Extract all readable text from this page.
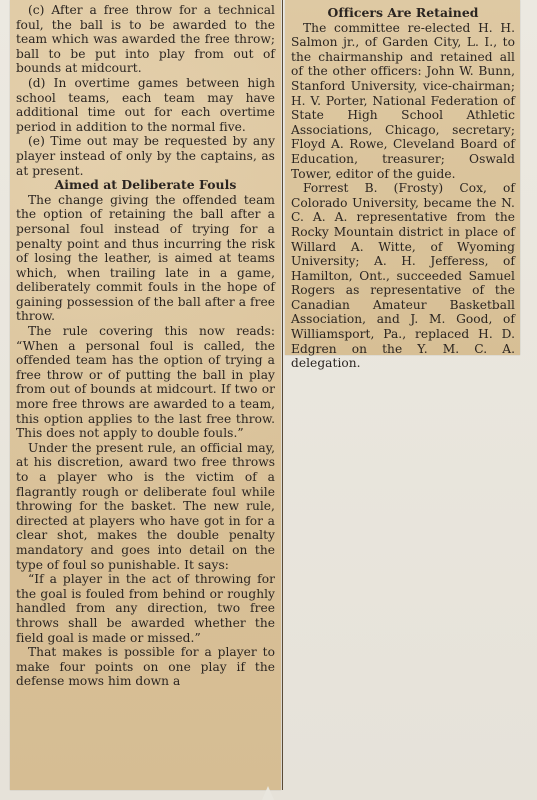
(c) After a free throw for a technical foul, the ball is to be awarded to the team which was awarded the free throw; ball to be put into play from out of bounds at midcourt.

(d) In overtime games between high school teams, each team may have additional time out for each overtime period in addition to the normal five.

(e) Time out may be requested by any player instead of only by the captains, as at present.

Aimed at Deliberate Fouls

The change giving the offended team the option of retaining the ball after a personal foul instead of trying for a penalty point and thus incurring the risk of losing the leather, is aimed at teams which, when trailing late in a game, deliberately commit fouls in the hope of gaining possession of the ball after a free throw.

The rule covering this now reads: “When a personal foul is called, the offended team has the option of trying a free throw or of putting the ball in play from out of bounds at midcourt. If two or more free throws are awarded to a team, this option applies to the last free throw. This does not apply to double fouls.”

Under the present rule, an official may, at his discretion, award two free throws to a player who is the victim of a flagrantly rough or deliberate foul while throwing for the basket. The new rule, directed at players who have got in for a clear shot, makes the double penalty mandatory and goes into detail on the type of foul so punishable. It says:

“If a player in the act of throwing for the goal is fouled from behind or roughly handled from any direction, two free throws shall be awarded whether the field goal is made or missed.”

That makes is possible for a player to make four points on one play if the defense mows him down a

Officers Are Retained

The committee re-elected H. H. Salmon jr., of Garden City, L. I., to the chairmanship and retained all of the other officers: John W. Bunn, Stanford University, vice-chairman; H. V. Porter, National Federation of State High School Athletic Associations, Chicago, secretary; Floyd A. Rowe, Cleveland Board of Education, treasurer; Oswald Tower, editor of the guide.

Forrest B. (Frosty) Cox, of Colorado University, became the N. C. A. A. representative from the Rocky Mountain district in place of Willard A. Witte, of Wyoming University; A. H. Jefferess, of Hamilton, Ont., succeeded Samuel Rogers as representative of the Canadian Amateur Basketball Association, and J. M. Good, of Williamsport, Pa., replaced H. D. Edgren on the Y. M. C. A. delegation.
